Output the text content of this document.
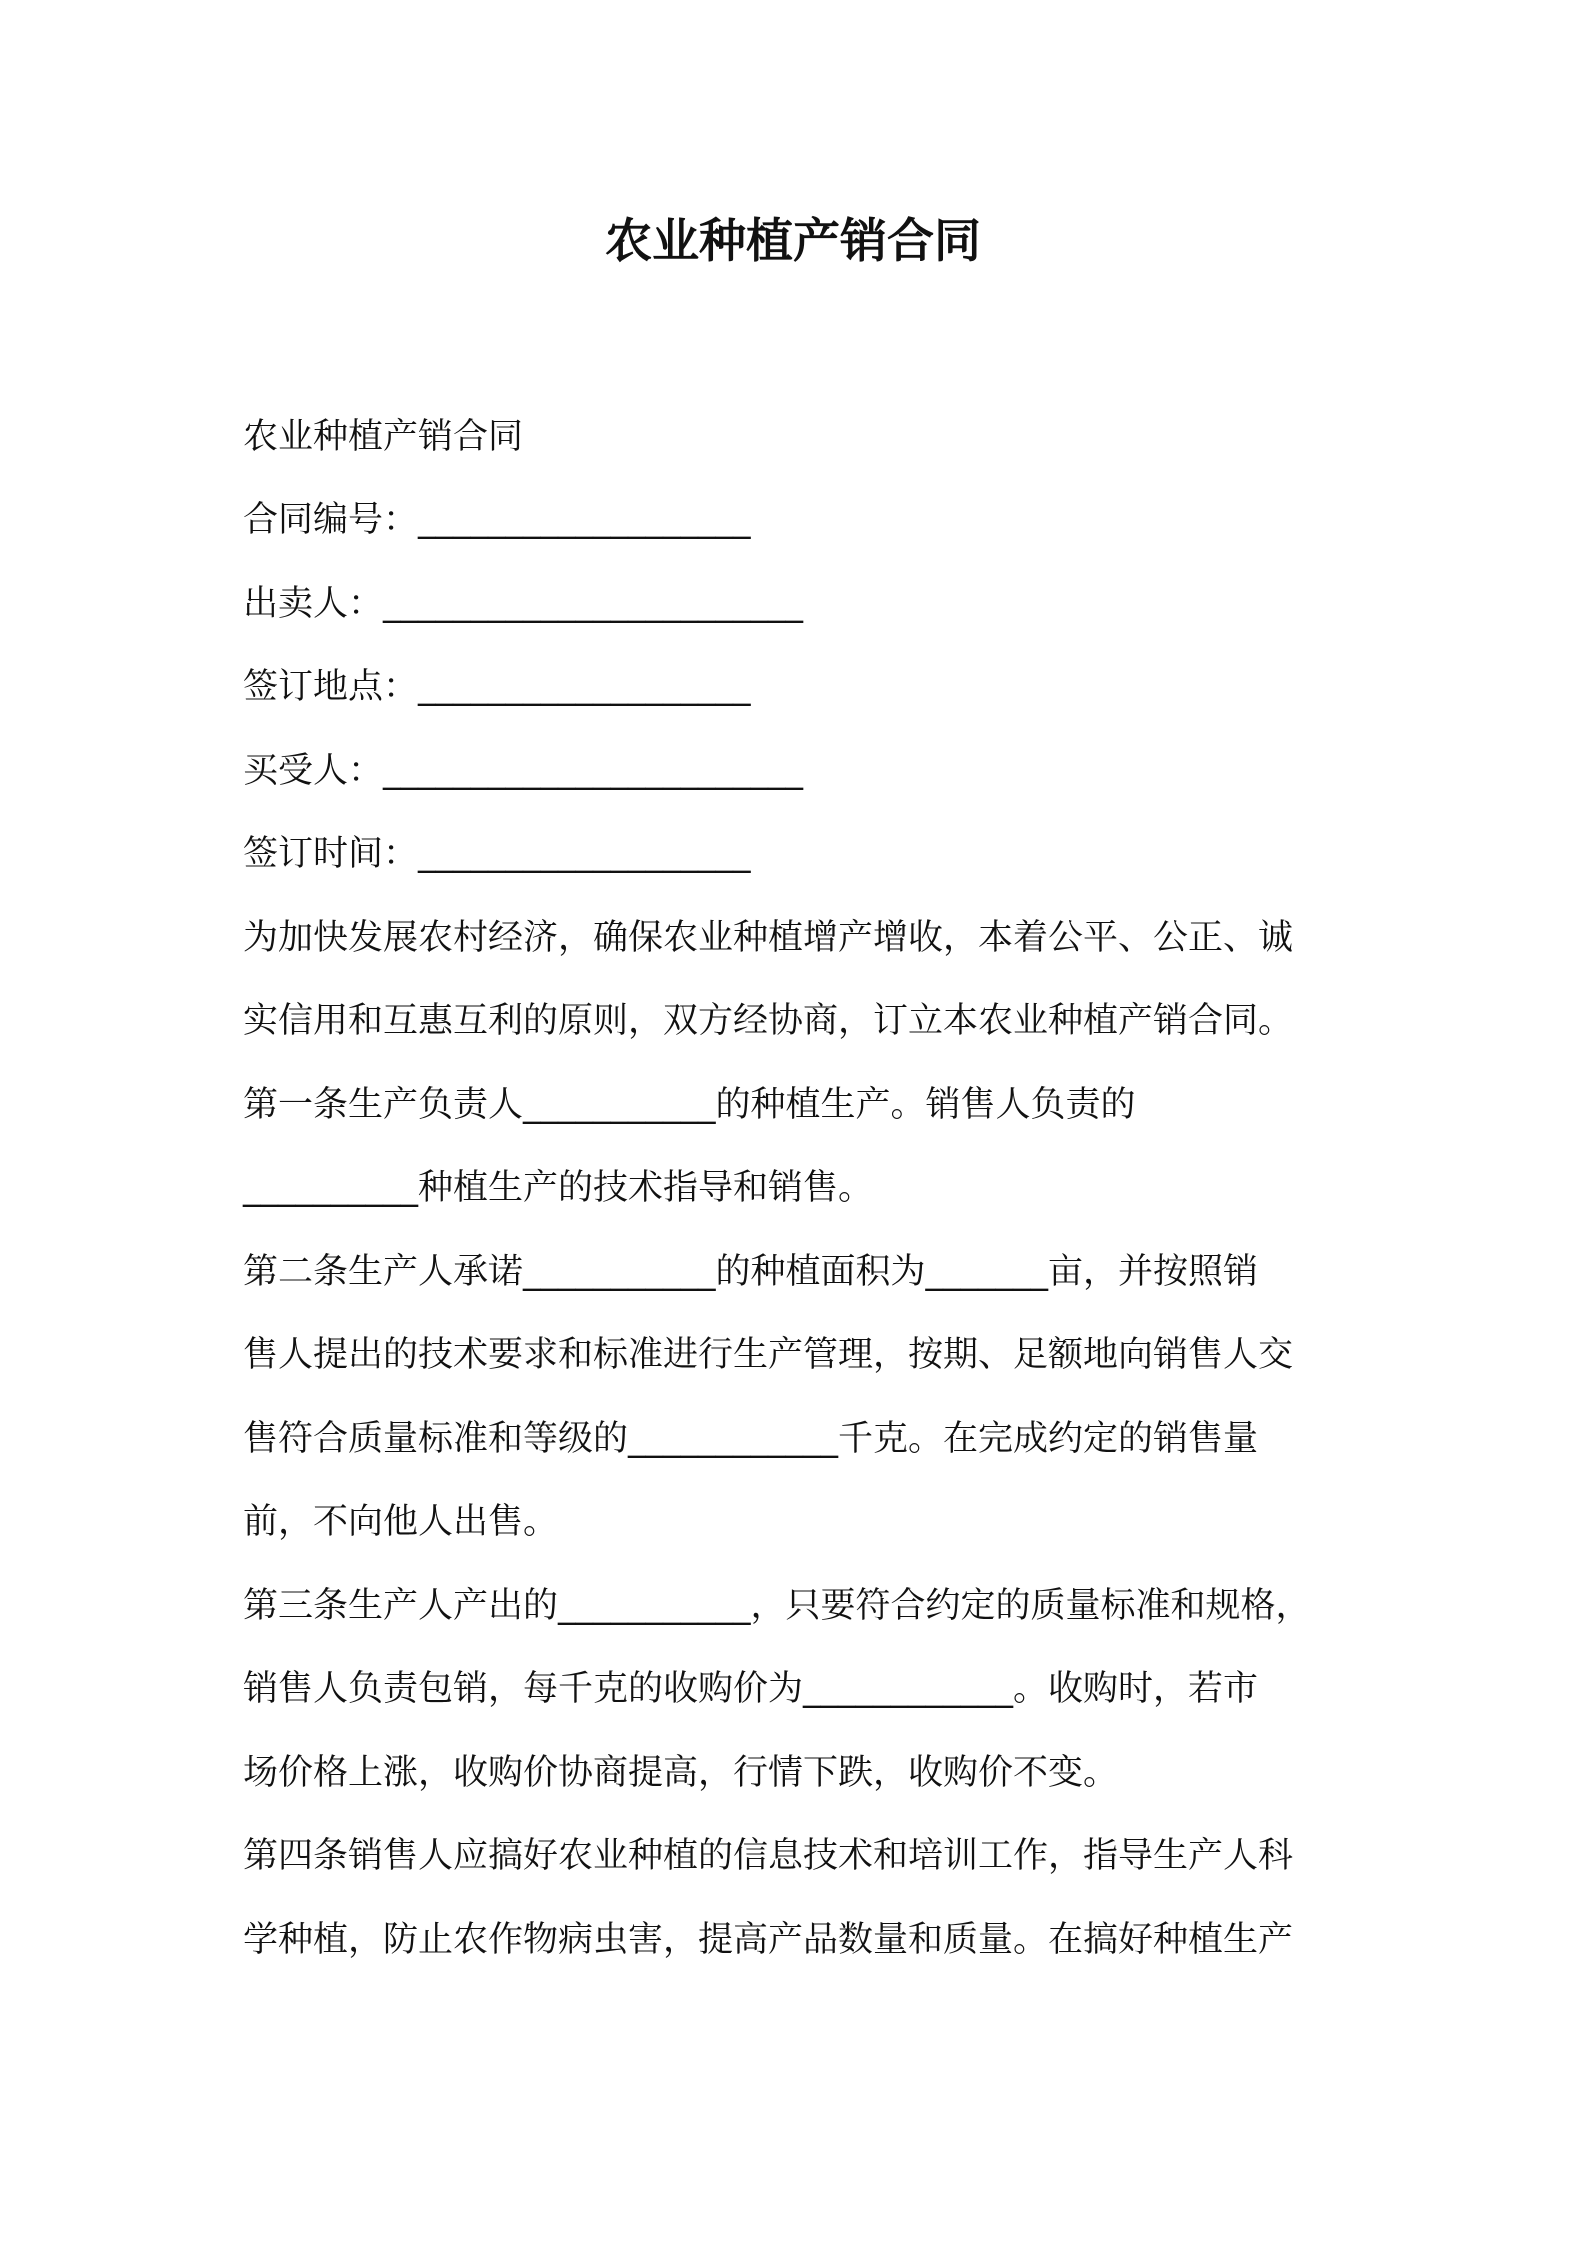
农业种植产销合同
农业种植产销合同
合同编号：___________________
出卖人：________________________
签订地点：___________________
买受人：________________________
签订时间：___________________
为加快发展农村经济，确保农业种植增产增收，本着公平、公正、诚
实信用和互惠互利的原则，双方经协商，订立本农业种植产销合同。
第一条生产负责人___________的种植生产。销售人负责的
__________种植生产的技术指导和销售。
第二条生产人承诺___________的种植面积为_______亩，并按照销
售人提出的技术要求和标准进行生产管理，按期、足额地向销售人交
售符合质量标准和等级的____________千克。在完成约定的销售量
前，不向他人出售。
第三条生产人产出的___________，只要符合约定的质量标准和规格，
销售人负责包销，每千克的收购价为____________。收购时，若市
场价格上涨，收购价协商提高，行情下跌，收购价不变。
第四条销售人应搞好农业种植的信息技术和培训工作，指导生产人科
学种植，防止农作物病虫害，提高产品数量和质量。在搞好种植生产
